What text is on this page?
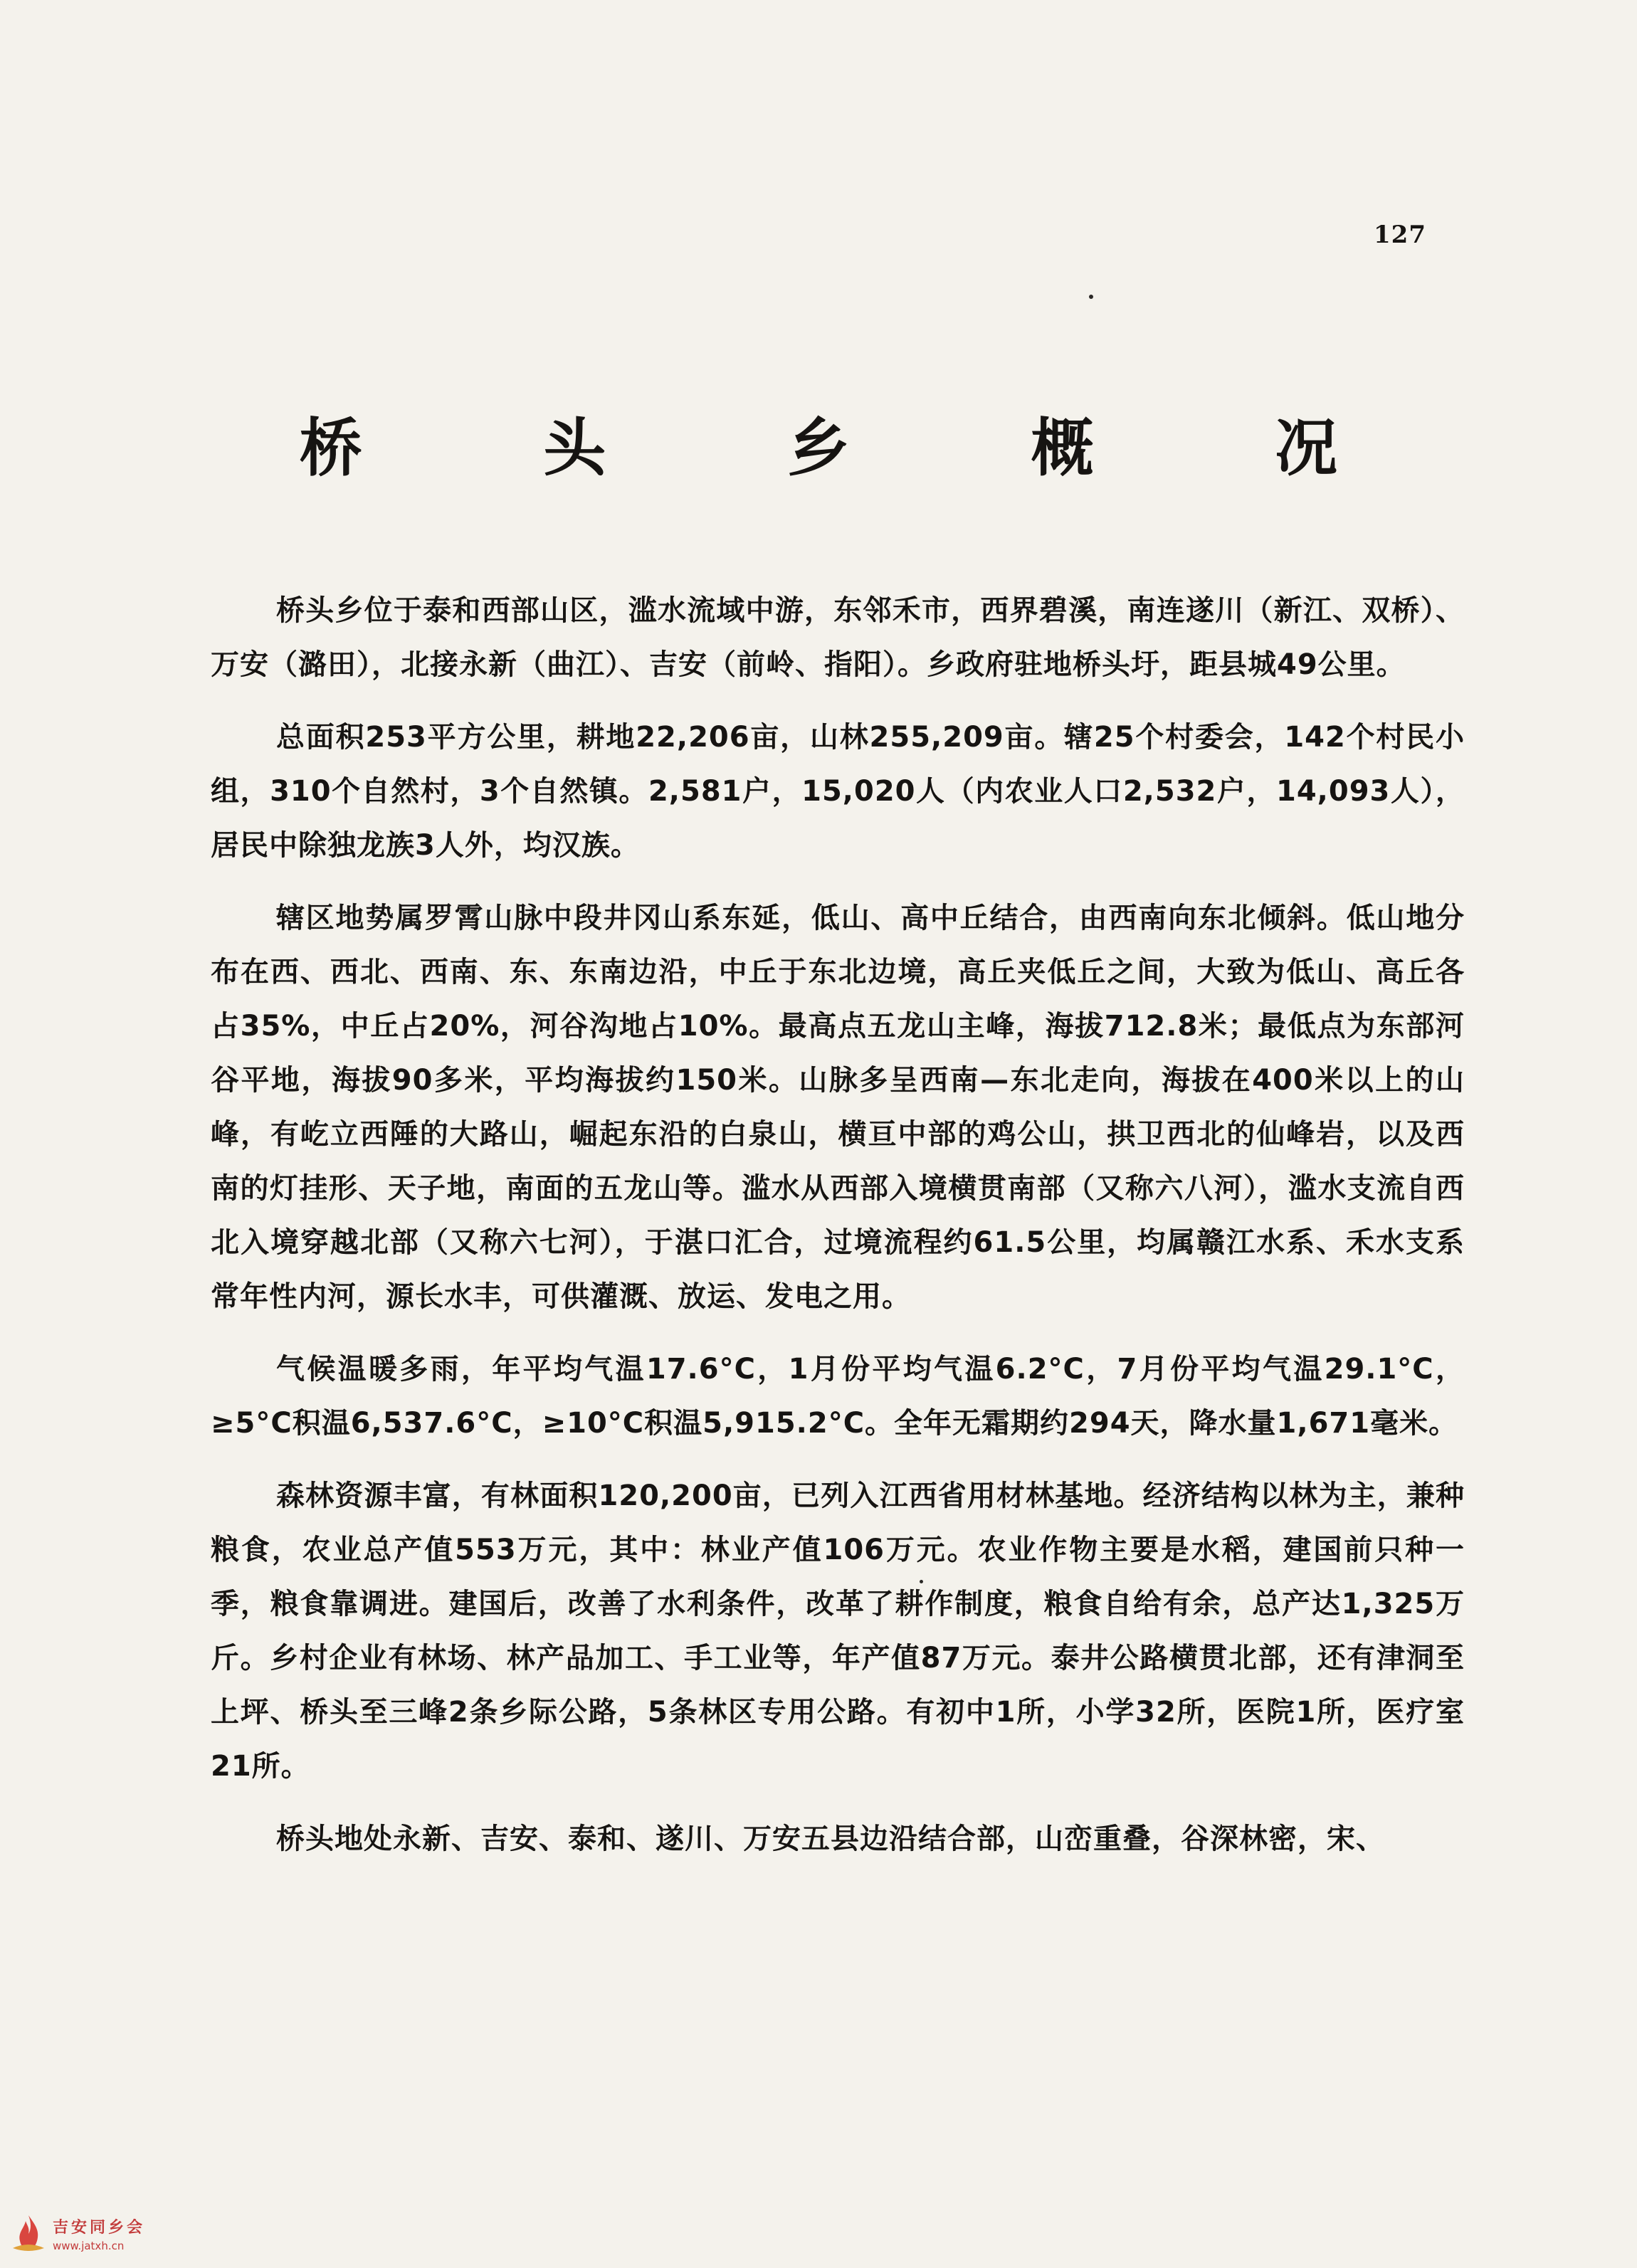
127
桥 头 乡 概 况

桥头乡位于泰和西部山区，滥水流域中游，东邻禾市，西界碧溪，南连遂川（新江、双桥）、万安（潞田），北接永新（曲江）、吉安（前岭、指阳）。乡政府驻地桥头圩，距县城49公里。

总面积253平方公里，耕地22,206亩，山林255,209亩。辖25个村委会，142个村民小组，310个自然村，3个自然镇。2,581户，15,020人（内农业人口2,532户，14,093人），居民中除独龙族3人外，均汉族。

辖区地势属罗霄山脉中段井冈山系东延，低山、高中丘结合，由西南向东北倾斜。低山地分布在西、西北、西南、东、东南边沿，中丘于东北边境，高丘夹低丘之间，大致为低山、高丘各占35%，中丘占20%，河谷沟地占10%。最高点五龙山主峰，海拔712.8米；最低点为东部河谷平地，海拔90多米，平均海拔约150米。山脉多呈西南—东北走向，海拔在400米以上的山峰，有屹立西陲的大路山，崛起东沿的白泉山，横亘中部的鸡公山，拱卫西北的仙峰岩，以及西南的灯挂形、天子地，南面的五龙山等。滥水从西部入境横贯南部（又称六八河），滥水支流自西北入境穿越北部（又称六七河），于湛口汇合，过境流程约61.5公里，均属赣江水系、禾水支系常年性内河，源长水丰，可供灌溉、放运、发电之用。

气候温暖多雨，年平均气温17.6°C，1月份平均气温6.2°C，7月份平均气温29.1°C，≥5°C积温6,537.6°C，≥10°C积温5,915.2°C。全年无霜期约294天，降水量1,671毫米。

森林资源丰富，有林面积120,200亩，已列入江西省用材林基地。经济结构以林为主，兼种粮食，农业总产值553万元，其中：林业产值106万元。农业作物主要是水稻，建国前只种一季，粮食靠调进。建国后，改善了水利条件，改革了耕作制度，粮食自给有余，总产达1,325万斤。乡村企业有林场、林产品加工、手工业等，年产值87万元。泰井公路横贯北部，还有津洞至上坪、桥头至三峰2条乡际公路，5条林区专用公路。有初中1所，小学32所，医院1所，医疗室21所。

桥头地处永新、吉安、泰和、遂川、万安五县边沿结合部，山峦重叠，谷深林密，宋、

吉安同乡会
www.jatxh.cn
